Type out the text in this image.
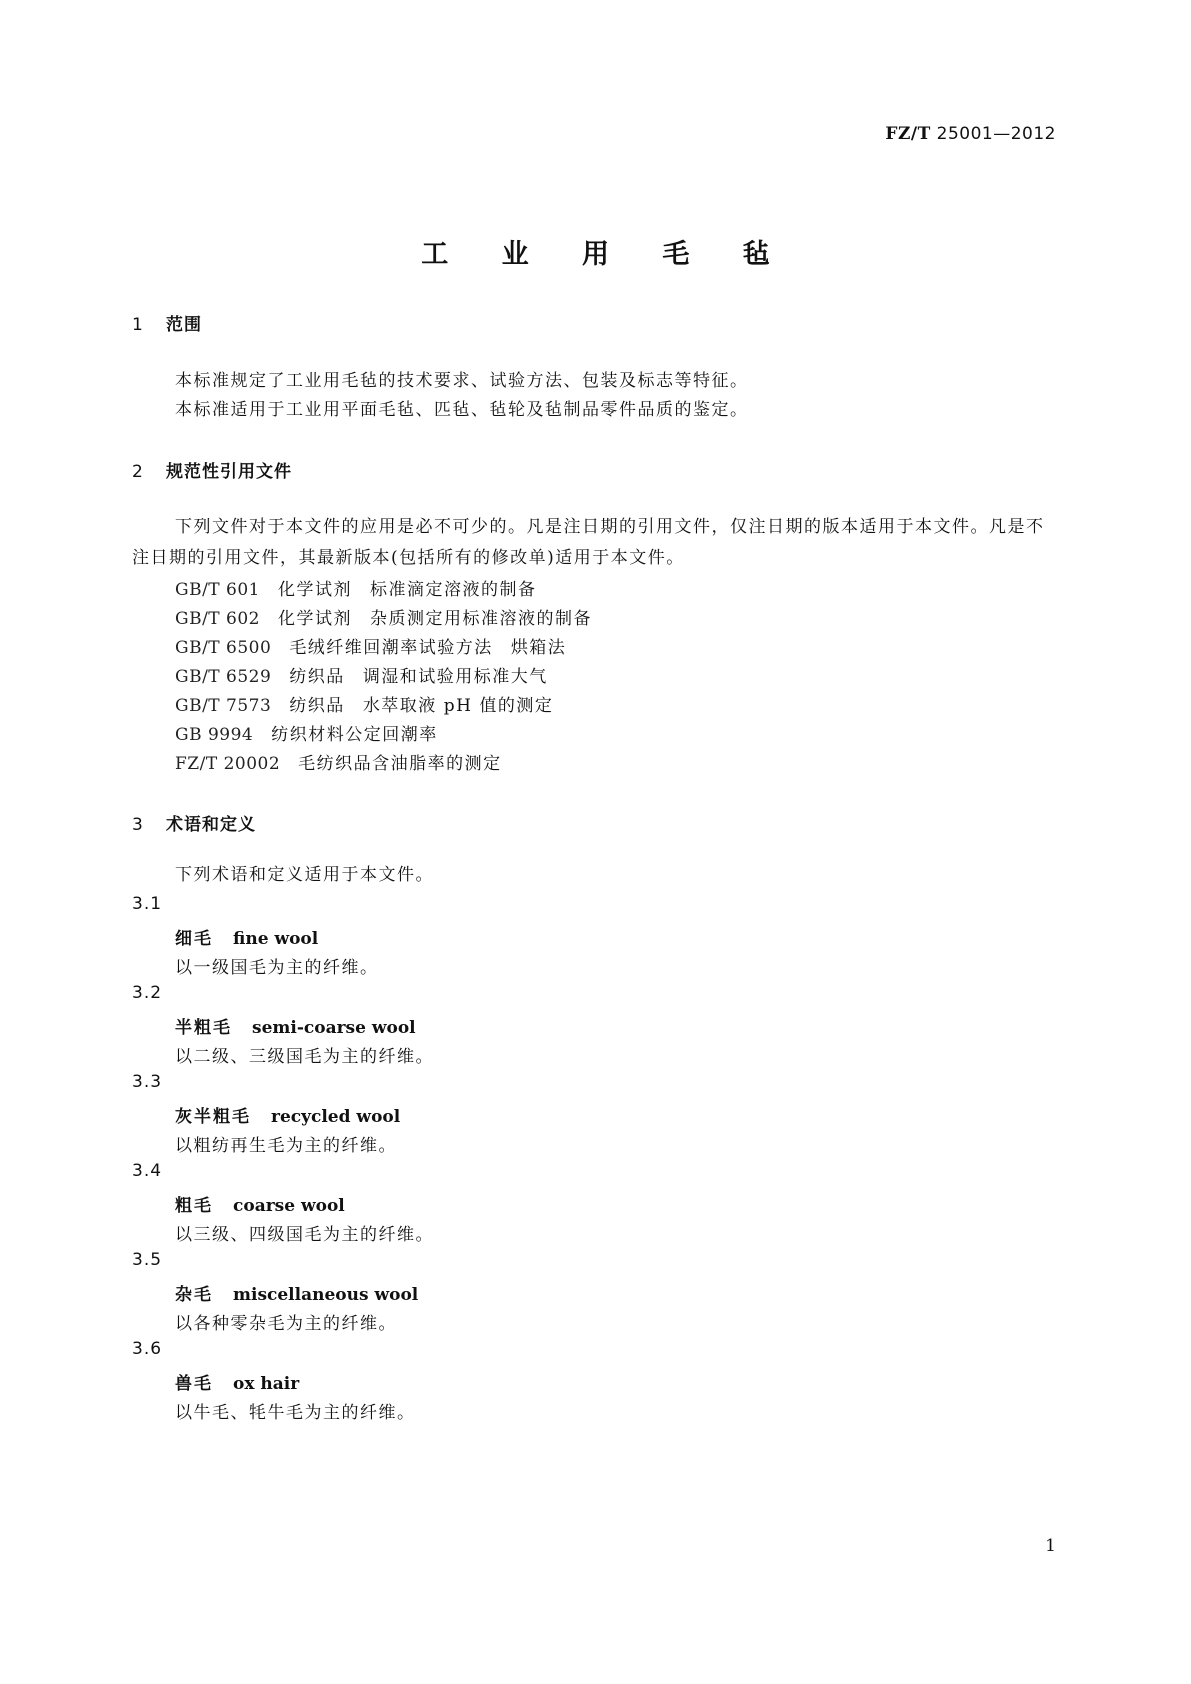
FZ/T 25001—2012
工 业 用 毛 毡
1 范围
本标准规定了工业用毛毡的技术要求、试验方法、包装及标志等特征。
本标准适用于工业用平面毛毡、匹毡、毡轮及毡制品零件品质的鉴定。
2 规范性引用文件
下列文件对于本文件的应用是必不可少的。凡是注日期的引用文件，仅注日期的版本适用于本文件。凡是不注日期的引用文件，其最新版本(包括所有的修改单)适用于本文件。
GB/T 601 化学试剂 标准滴定溶液的制备
GB/T 602 化学试剂 杂质测定用标准溶液的制备
GB/T 6500 毛绒纤维回潮率试验方法 烘箱法
GB/T 6529 纺织品 调湿和试验用标准大气
GB/T 7573 纺织品 水萃取液 pH 值的测定
GB 9994 纺织材料公定回潮率
FZ/T 20002 毛纺织品含油脂率的测定
3 术语和定义
下列术语和定义适用于本文件。
3.1
细毛 fine wool
以一级国毛为主的纤维。
3.2
半粗毛 semi-coarse wool
以二级、三级国毛为主的纤维。
3.3
灰半粗毛 recycled wool
以粗纺再生毛为主的纤维。
3.4
粗毛 coarse wool
以三级、四级国毛为主的纤维。
3.5
杂毛 miscellaneous wool
以各种零杂毛为主的纤维。
3.6
兽毛 ox hair
以牛毛、牦牛毛为主的纤维。
1
